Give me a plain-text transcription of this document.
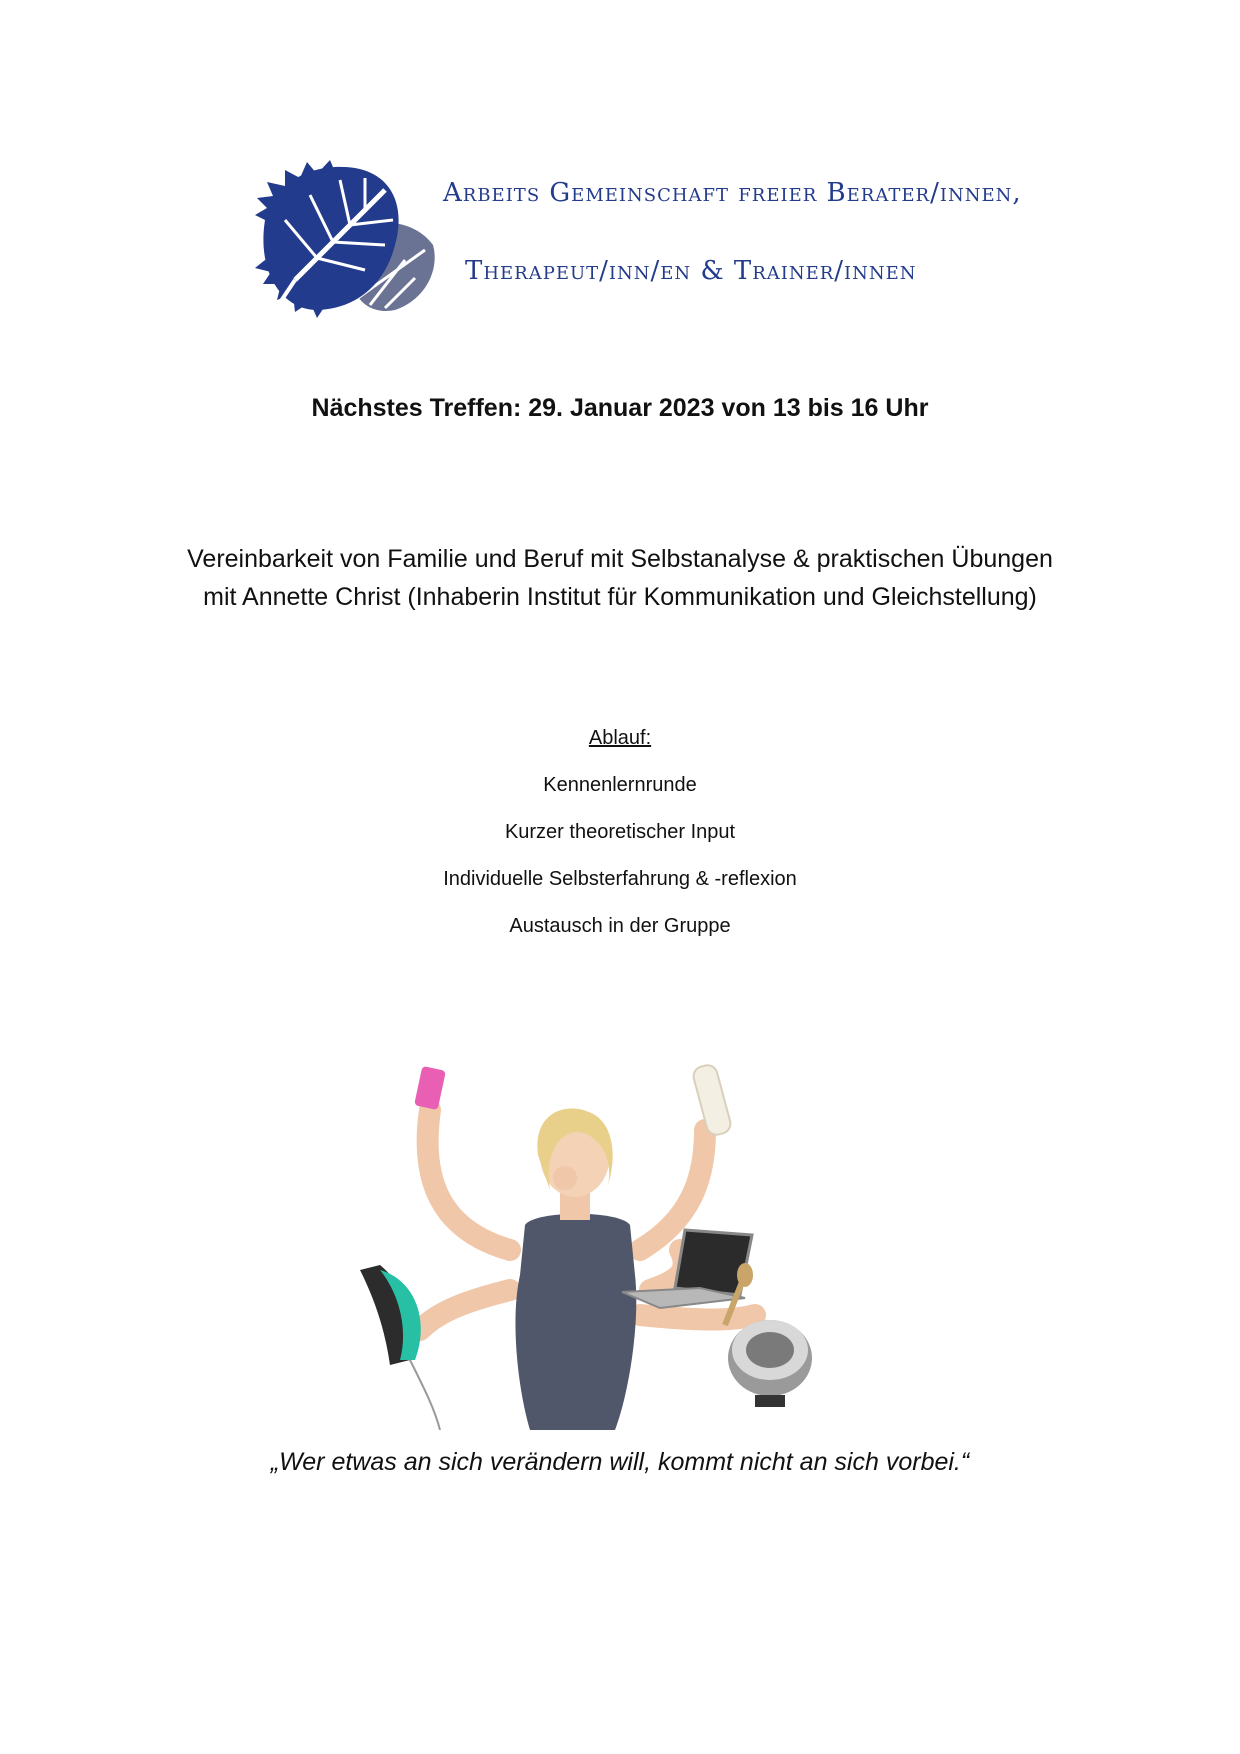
Arbeits Gemeinschaft freier Berater/innen,
Therapeut/inn/en & Trainer/innen
Nächstes Treffen: 29. Januar 2023 von 13 bis 16 Uhr
Vereinbarkeit von Familie und Beruf mit Selbstanalyse & praktischen Übungen
mit Annette Christ (Inhaberin Institut für Kommunikation und Gleichstellung)
Ablauf:
Kennenlernrunde
Kurzer theoretischer Input
Individuelle Selbsterfahrung & -reflexion
Austausch in der Gruppe
„Wer etwas an sich verändern will, kommt nicht an sich vorbei.“
